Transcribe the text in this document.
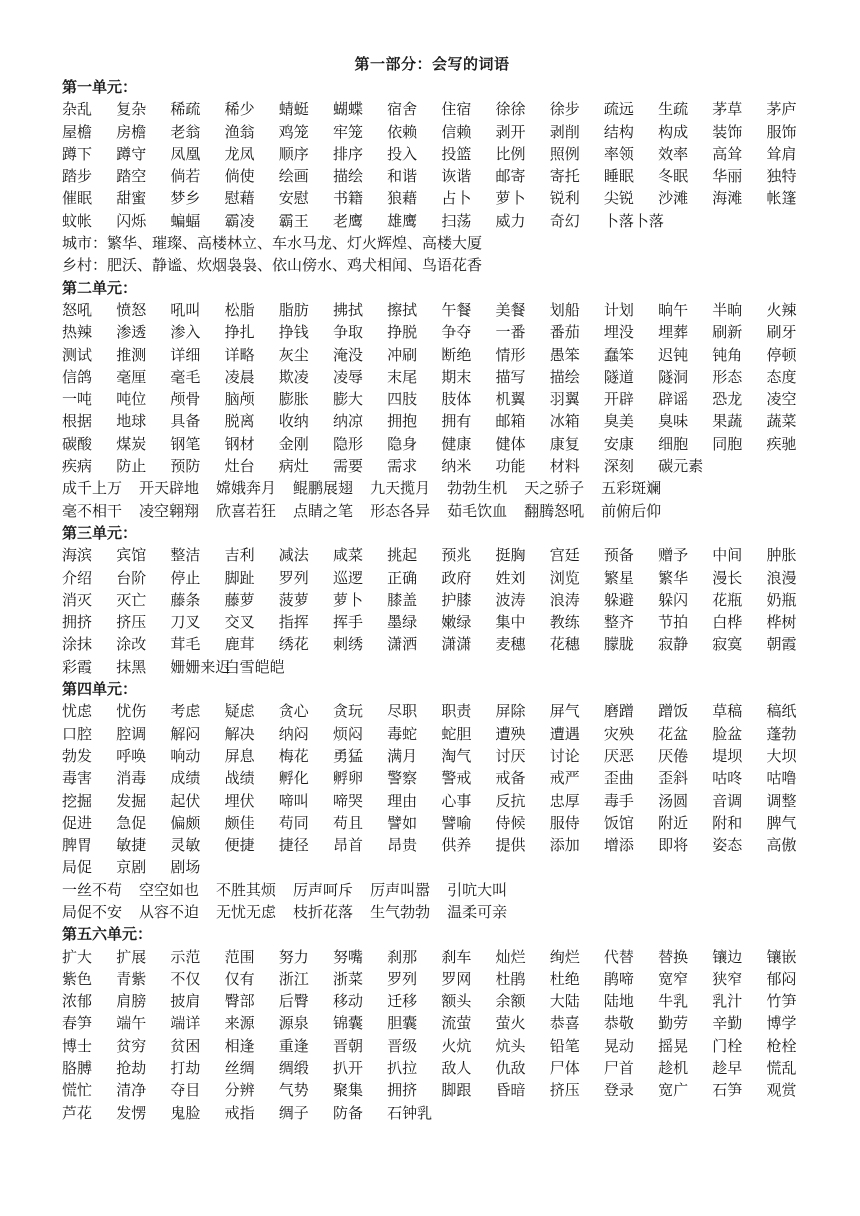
第一部分：会写的词语
第一单元：
杂乱 复杂 稀疏 稀少 蜻蜓 蝴蝶 宿舍 住宿 徐徐 徐步 疏远 生疏 茅草 茅庐
屋檐 房檐 老翁 渔翁 鸡笼 牢笼 依赖 信赖 剥开 剥削 结构 构成 装饰 服饰
蹲下 蹲守 凤凰 龙凤 顺序 排序 投入 投篮 比例 照例 率领 效率 高耸 耸肩
踏步 踏空 倘若 倘使 绘画 描绘 和谐 诙谐 邮寄 寄托 睡眠 冬眠 华丽 独特
催眠 甜蜜 梦乡 慰藉 安慰 书籍 狼藉 占卜 萝卜 锐利 尖锐 沙滩 海滩 帐篷
蚊帐 闪烁 蝙蝠 霸凌 霸王 老鹰 雄鹰 扫荡 威力 奇幻 卜落卜落
城市：繁华、璀璨、高楼林立、车水马龙、灯火辉煌、高楼大厦
乡村：肥沃、静谧、炊烟袅袅、依山傍水、鸡犬相闻、鸟语花香
第二单元：
怒吼 愤怒 吼叫 松脂 脂肪 拂拭 擦拭 午餐 美餐 划船 计划 晌午 半晌 火辣
热辣 渗透 渗入 挣扎 挣钱 争取 挣脱 争夺 一番 番茄 埋没 埋葬 刷新 刷牙
测试 推测 详细 详略 灰尘 淹没 冲刷 断绝 情形 愚笨 蠢笨 迟钝 钝角 停顿
信鸽 毫厘 毫毛 凌晨 欺凌 凌辱 末尾 期末 描写 描绘 隧道 隧洞 形态 态度
一吨 吨位 颅骨 脑颅 膨胀 膨大 四肢 肢体 机翼 羽翼 开辟 辟谣 恐龙 凌空
根据 地球 具备 脱离 收纳 纳凉 拥抱 拥有 邮箱 冰箱 臭美 臭味 果蔬 蔬菜
碳酸 煤炭 钢笔 钢材 金刚 隐形 隐身 健康 健体 康复 安康 细胞 同胞 疾驰
疾病 防止 预防 灶台 病灶 需要 需求 纳米 功能 材料 深刻 碳元素
成千上万 开天辟地 嫦娥奔月 鲲鹏展翅 九天揽月 勃勃生机 天之骄子 五彩斑斓
毫不相干 凌空翱翔 欣喜若狂 点睛之笔 形态各异 茹毛饮血 翻腾怒吼 前俯后仰
第三单元：
海滨 宾馆 整洁 吉利 减法 咸菜 挑起 预兆 挺胸 宫廷 预备 赠予 中间 肿胀
介绍 台阶 停止 脚趾 罗列 巡逻 正确 政府 姓刘 浏览 繁星 繁华 漫长 浪漫
消灭 灭亡 藤条 藤萝 菠萝 萝卜 膝盖 护膝 波涛 浪涛 躲避 躲闪 花瓶 奶瓶
拥挤 挤压 刀叉 交叉 指挥 挥手 墨绿 嫩绿 集中 教练 整齐 节拍 白桦 桦树
涂抹 涂改 茸毛 鹿茸 绣花 刺绣 潇洒 潇潇 麦穗 花穗 朦胧 寂静 寂寞 朝霞
彩霞 抹黑 姗姗来迟白雪皑皑
第四单元：
忧虑 忧伤 考虑 疑虑 贪心 贪玩 尽职 职责 屏除 屏气 磨蹭 蹭饭 草稿 稿纸
口腔 腔调 解闷 解决 纳闷 烦闷 毒蛇 蛇胆 遭殃 遭遇 灾殃 花盆 脸盆 蓬勃
勃发 呼唤 响动 屏息 梅花 勇猛 满月 淘气 讨厌 讨论 厌恶 厌倦 堤坝 大坝
毒害 消毒 成绩 战绩 孵化 孵卵 警察 警戒 戒备 戒严 歪曲 歪斜 咕咚 咕噜
挖掘 发掘 起伏 埋伏 啼叫 啼哭 理由 心事 反抗 忠厚 毒手 汤圆 音调 调整
促进 急促 偏颇 颇佳 苟同 苟且 譬如 譬喻 侍候 服侍 饭馆 附近 附和 脾气
脾胃 敏捷 灵敏 便捷 捷径 昂首 昂贵 供养 提供 添加 增添 即将 姿态 高傲
局促 京剧 剧场
一丝不苟 空空如也 不胜其烦 厉声呵斥 厉声叫嚣 引吭大叫
局促不安 从容不迫 无忧无虑 枝折花落 生气勃勃 温柔可亲
第五六单元：
扩大 扩展 示范 范围 努力 努嘴 刹那 刹车 灿烂 绚烂 代替 替换 镶边 镶嵌
紫色 青紫 不仅 仅有 浙江 浙菜 罗列 罗网 杜鹃 杜绝 鹃啼 宽窄 狭窄 郁闷
浓郁 肩膀 披肩 臀部 后臀 移动 迁移 额头 余额 大陆 陆地 牛乳 乳汁 竹笋
春笋 端午 端详 来源 源泉 锦囊 胆囊 流萤 萤火 恭喜 恭敬 勤劳 辛勤 博学
博士 贫穷 贫困 相逢 重逢 晋朝 晋级 火炕 炕头 铅笔 晃动 摇晃 门栓 枪栓
胳膊 抢劫 打劫 丝绸 绸缎 扒开 扒拉 敌人 仇敌 尸体 尸首 趁机 趁早 慌乱
慌忙 清净 夺目 分辨 气势 聚集 拥挤 脚跟 昏暗 挤压 登录 宽广 石笋 观赏
芦花 发愣 鬼脸 戒指 绸子 防备 石钟乳
